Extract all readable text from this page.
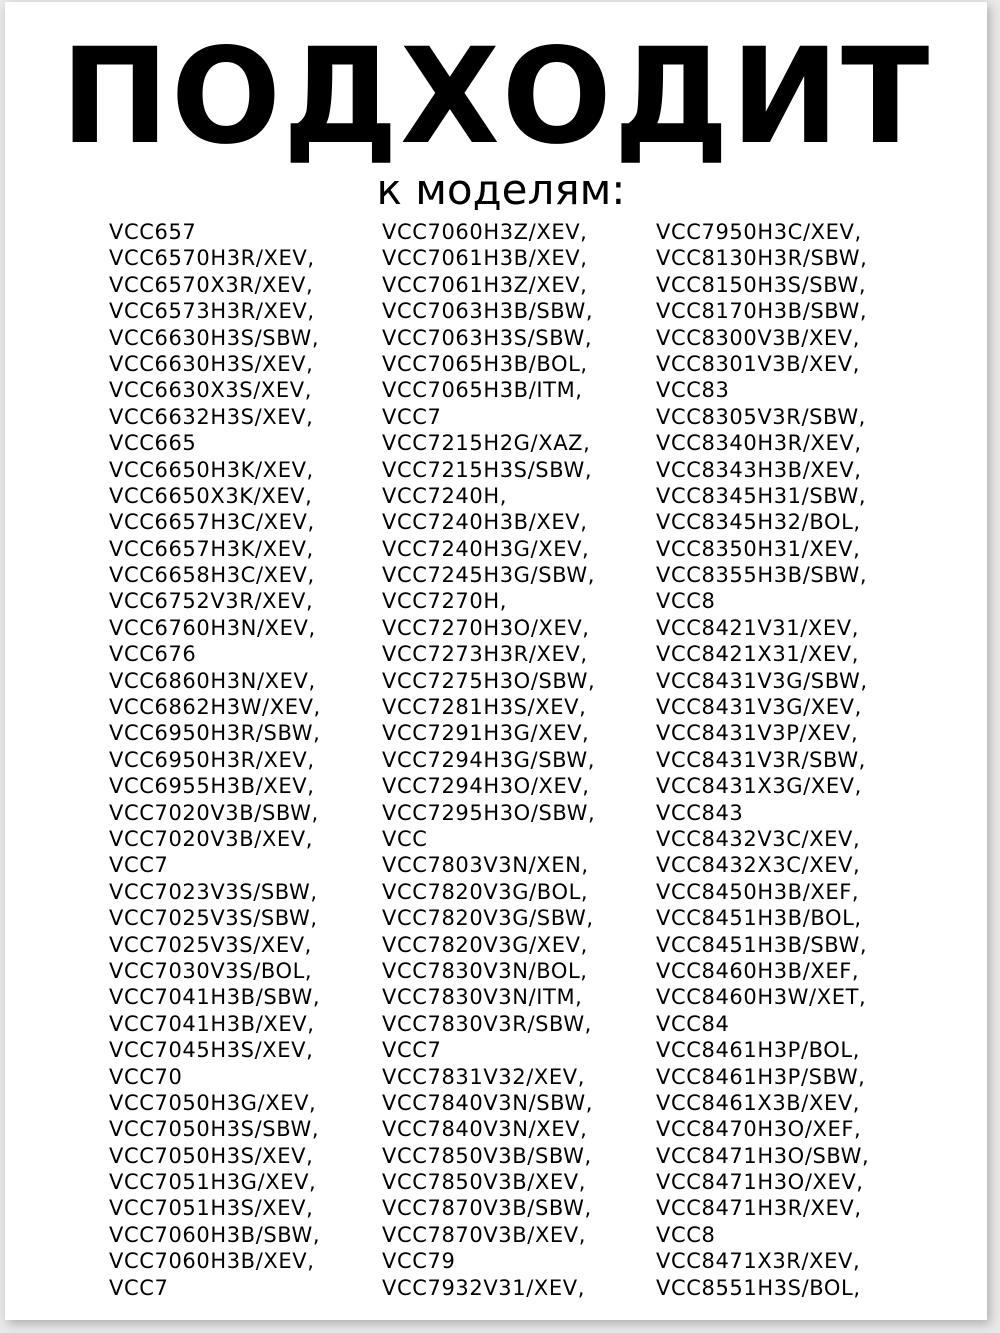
ПОДХОДИТ
к моделям:
VCC657
VCC6570H3R/XEV,
VCC6570X3R/XEV,
VCC6573H3R/XEV,
VCC6630H3S/SBW,
VCC6630H3S/XEV,
VCC6630X3S/XEV,
VCC6632H3S/XEV,
VCC665
VCC6650H3K/XEV,
VCC6650X3K/XEV,
VCC6657H3C/XEV,
VCC6657H3K/XEV,
VCC6658H3C/XEV,
VCC6752V3R/XEV,
VCC6760H3N/XEV,
VCC676
VCC6860H3N/XEV,
VCC6862H3W/XEV,
VCC6950H3R/SBW,
VCC6950H3R/XEV,
VCC6955H3B/XEV,
VCC7020V3B/SBW,
VCC7020V3B/XEV,
VCC7
VCC7023V3S/SBW,
VCC7025V3S/SBW,
VCC7025V3S/XEV,
VCC7030V3S/BOL,
VCC7041H3B/SBW,
VCC7041H3B/XEV,
VCC7045H3S/XEV,
VCC70
VCC7050H3G/XEV,
VCC7050H3S/SBW,
VCC7050H3S/XEV,
VCC7051H3G/XEV,
VCC7051H3S/XEV,
VCC7060H3B/SBW,
VCC7060H3B/XEV,
VCC7
VCC7060H3Z/XEV,
VCC7061H3B/XEV,
VCC7061H3Z/XEV,
VCC7063H3B/SBW,
VCC7063H3S/SBW,
VCC7065H3B/BOL,
VCC7065H3B/ITM,
VCC7
VCC7215H2G/XAZ,
VCC7215H3S/SBW,
VCC7240H,
VCC7240H3B/XEV,
VCC7240H3G/XEV,
VCC7245H3G/SBW,
VCC7270H,
VCC7270H3O/XEV,
VCC7273H3R/XEV,
VCC7275H3O/SBW,
VCC7281H3S/XEV,
VCC7291H3G/XEV,
VCC7294H3G/SBW,
VCC7294H3O/XEV,
VCC7295H3O/SBW,
VCC
VCC7803V3N/XEN,
VCC7820V3G/BOL,
VCC7820V3G/SBW,
VCC7820V3G/XEV,
VCC7830V3N/BOL,
VCC7830V3N/ITM,
VCC7830V3R/SBW,
VCC7
VCC7831V32/XEV,
VCC7840V3N/SBW,
VCC7840V3N/XEV,
VCC7850V3B/SBW,
VCC7850V3B/XEV,
VCC7870V3B/SBW,
VCC7870V3B/XEV,
VCC79
VCC7932V31/XEV,
VCC7950H3C/XEV,
VCC8130H3R/SBW,
VCC8150H3S/SBW,
VCC8170H3B/SBW,
VCC8300V3B/XEV,
VCC8301V3B/XEV,
VCC83
VCC8305V3R/SBW,
VCC8340H3R/XEV,
VCC8343H3B/XEV,
VCC8345H31/SBW,
VCC8345H32/BOL,
VCC8350H31/XEV,
VCC8355H3B/SBW,
VCC8
VCC8421V31/XEV,
VCC8421X31/XEV,
VCC8431V3G/SBW,
VCC8431V3G/XEV,
VCC8431V3P/XEV,
VCC8431V3R/SBW,
VCC8431X3G/XEV,
VCC843
VCC8432V3C/XEV,
VCC8432X3C/XEV,
VCC8450H3B/XEF,
VCC8451H3B/BOL,
VCC8451H3B/SBW,
VCC8460H3B/XEF,
VCC8460H3W/XET,
VCC84
VCC8461H3P/BOL,
VCC8461H3P/SBW,
VCC8461X3B/XEV,
VCC8470H3O/XEF,
VCC8471H3O/SBW,
VCC8471H3O/XEV,
VCC8471H3R/XEV,
VCC8
VCC8471X3R/XEV,
VCC8551H3S/BOL,
